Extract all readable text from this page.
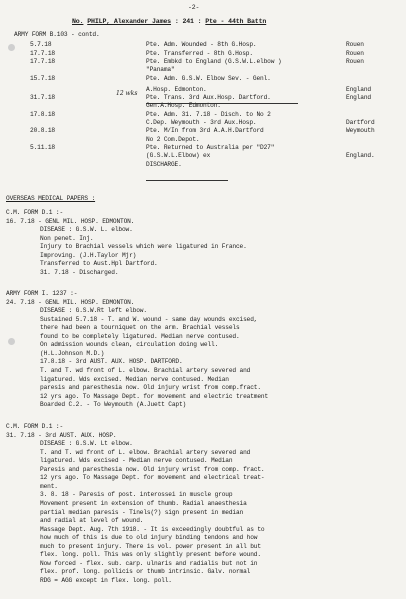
-2-
No. PHILP, Alexander James : 241 : Pte - 44th Battn
ARMY FORM B.103 - contd.
5.7.18	Pte. Adm. Wounded - 8th G.Hosp.	Rouen
17.7.18	Pte. Transferred - 8th G.Hosp.	Rouen
17.7.18	Pte. Embkd to England (G.S.W.L.elbow )	Rouen
"Panama"
15.7.18	Pte. Adm. G.S.W. Elbow Sev. - Genl.
A.Hosp. Edmonton.	England
31.7.18	Pte. Trans. 3rd Aux.Hosp. Dartford.	England
Gen.A.Hosp. Edmonton.
17.8.18	Pte. Adm. 31. 7.18 - Disch. to No 2
C.Dep. Weymouth - 3rd Aux.Hosp.	Dartford
20.8.18	Pte. M/In from 3rd A.A.H.Dartford	Weymouth
No 2 Com.Depot.
5.11.18	Pte. Returned to Australia per "D27"
(G.S.W.L.Elbow) ex	England.
DISCHARGE.
12 wks
OVERSEAS MEDICAL PAPERS :
C.M. FORM D.1 :-
16. 7.18 - GENL MIL. HOSP. EDMONTON.
DISEASE : G.S.W. L. elbow.
Non penet. Inj.
Injury to Brachial vessels which were ligatured in France.
Improving. (J.H.Taylor Mjr)
Transferred to Aust.Hpl Dartford.
31. 7.18 - Discharged.
ARMY FORM I. 1237 :-
24. 7.18 - GENL MIL. HOSP. EDMONTON.
DISEASE : G.S.W.Rt left elbow.
Sustained 5.7.18 - T. and W. wound - same day wounds excised,
there had been a tourniquet on the arm. Brachial vessels
found to be completely ligatured. Median nerve contused.
On admission wounds clean, circulation doing well.
(H.L.Johnson M.D.)
17.8.18 - 3rd AUST. AUX. HOSP. DARTFORD.
T. and T. wd front of L. elbow. Brachial artery severed and
ligatured. Wds excised. Median nerve contused. Median
paresis and paresthesia now. Old injury wrist from comp.fract.
12 yrs ago. To Massage Dept. for movement and electric treatment
Boarded C.2. - To Weymouth (A.Juett Capt)
C.M. FORM D.1 :-
31. 7.18 - 3rd AUST. AUX. HOSP.
DISEASE : G.S.W. Lt elbow.
T. and T. wd front of L. elbow. Brachial artery severed and
ligatured. Wds excised - Median nerve contused. Median
Paresis and paresthesia now. Old injury wrist from comp. fract.
12 yrs ago. To Massage Dept. for movement and electrical treat-
ment.
3. 8. 18 - Paresis of post. interossei in muscle group
Movement present in extension of thumb. Radial anaesthesia
partial median paresis - Tinels(?) sign present in median
and radial at level of wound.
Massage Dept. Aug. 7th 1918. - It is exceedingly doubtful as to
how much of this is due to old injury binding tendons and how
much to present injury. There is vol. power present in all but
flex. long. poll. This was only slightly present before wound.
Now forced - flex. sub. carp. ulnaris and radialis but not in
flex. prof. long. pollicis or thumb intrinsic. Galv. normal
RDG = AGG except in flex. long. poll.
